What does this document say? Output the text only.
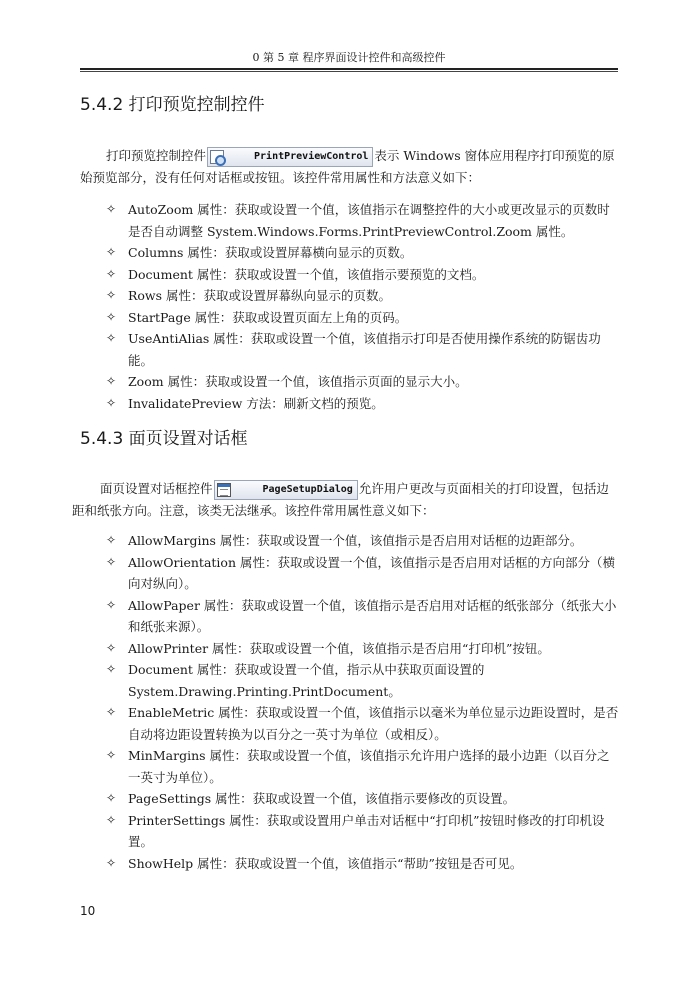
0 第 5 章 程序界面设计控件和高级控件
5.4.2 打印预览控制控件

打印预览控制控件	PrintPreviewControl 表示 Windows 窗体应用程序打印预览的原始预览部分，没有任何对话框或按钮。该控件常用属性和方法意义如下：

✧ AutoZoom 属性：获取或设置一个值，该值指示在调整控件的大小或更改显示的页数时是否自动调整 System.Windows.Forms.PrintPreviewControl.Zoom 属性。
✧ Columns 属性：获取或设置屏幕横向显示的页数。
✧ Document 属性：获取或设置一个值，该值指示要预览的文档。
✧ Rows 属性：获取或设置屏幕纵向显示的页数。
✧ StartPage 属性：获取或设置页面左上角的页码。
✧ UseAntiAlias 属性：获取或设置一个值，该值指示打印是否使用操作系统的防锯齿功能。
✧ Zoom 属性：获取或设置一个值，该值指示页面的显示大小。
✧ InvalidatePreview 方法：刷新文档的预览。
5.4.3 面页设置对话框

面页设置对话框控件	PageSetupDialog 允许用户更改与页面相关的打印设置，包括边距和纸张方向。注意，该类无法继承。该控件常用属性意义如下：

✧ AllowMargins 属性：获取或设置一个值，该值指示是否启用对话框的边距部分。
✧ AllowOrientation 属性：获取或设置一个值，该值指示是否启用对话框的方向部分（横向对纵向）。
✧ AllowPaper 属性：获取或设置一个值，该值指示是否启用对话框的纸张部分（纸张大小和纸张来源）。
✧ AllowPrinter 属性：获取或设置一个值，该值指示是否启用“打印机”按钮。
✧ Document 属性：获取或设置一个值，指示从中获取页面设置的 System.Drawing.Printing.PrintDocument。
✧ EnableMetric 属性：获取或设置一个值，该值指示以毫米为单位显示边距设置时，是否自动将边距设置转换为以百分之一英寸为单位（或相反）。
✧ MinMargins 属性：获取或设置一个值，该值指示允许用户选择的最小边距（以百分之一英寸为单位）。
✧ PageSettings 属性：获取或设置一个值，该值指示要修改的页设置。
✧ PrinterSettings 属性：获取或设置用户单击对话框中“打印机”按钮时修改的打印机设置。
✧ ShowHelp 属性：获取或设置一个值，该值指示“帮助”按钮是否可见。
10
